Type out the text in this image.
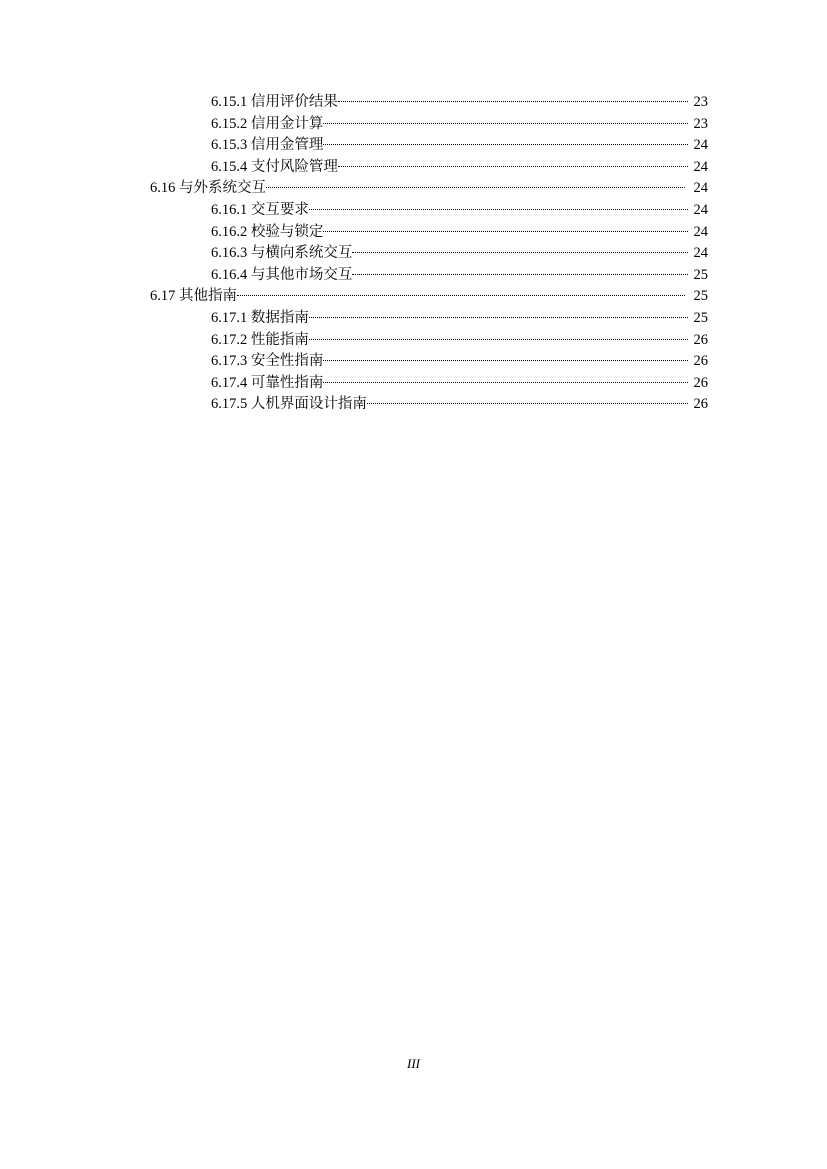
6.15.1 信用评价结果	23
6.15.2 信用金计算	23
6.15.3 信用金管理	24
6.15.4 支付风险管理	24
6.16 与外系统交互	24
6.16.1 交互要求	24
6.16.2 校验与锁定	24
6.16.3 与横向系统交互	24
6.16.4 与其他市场交互	25
6.17 其他指南	25
6.17.1 数据指南	25
6.17.2 性能指南	26
6.17.3 安全性指南	26
6.17.4 可靠性指南	26
6.17.5 人机界面设计指南	26
III
